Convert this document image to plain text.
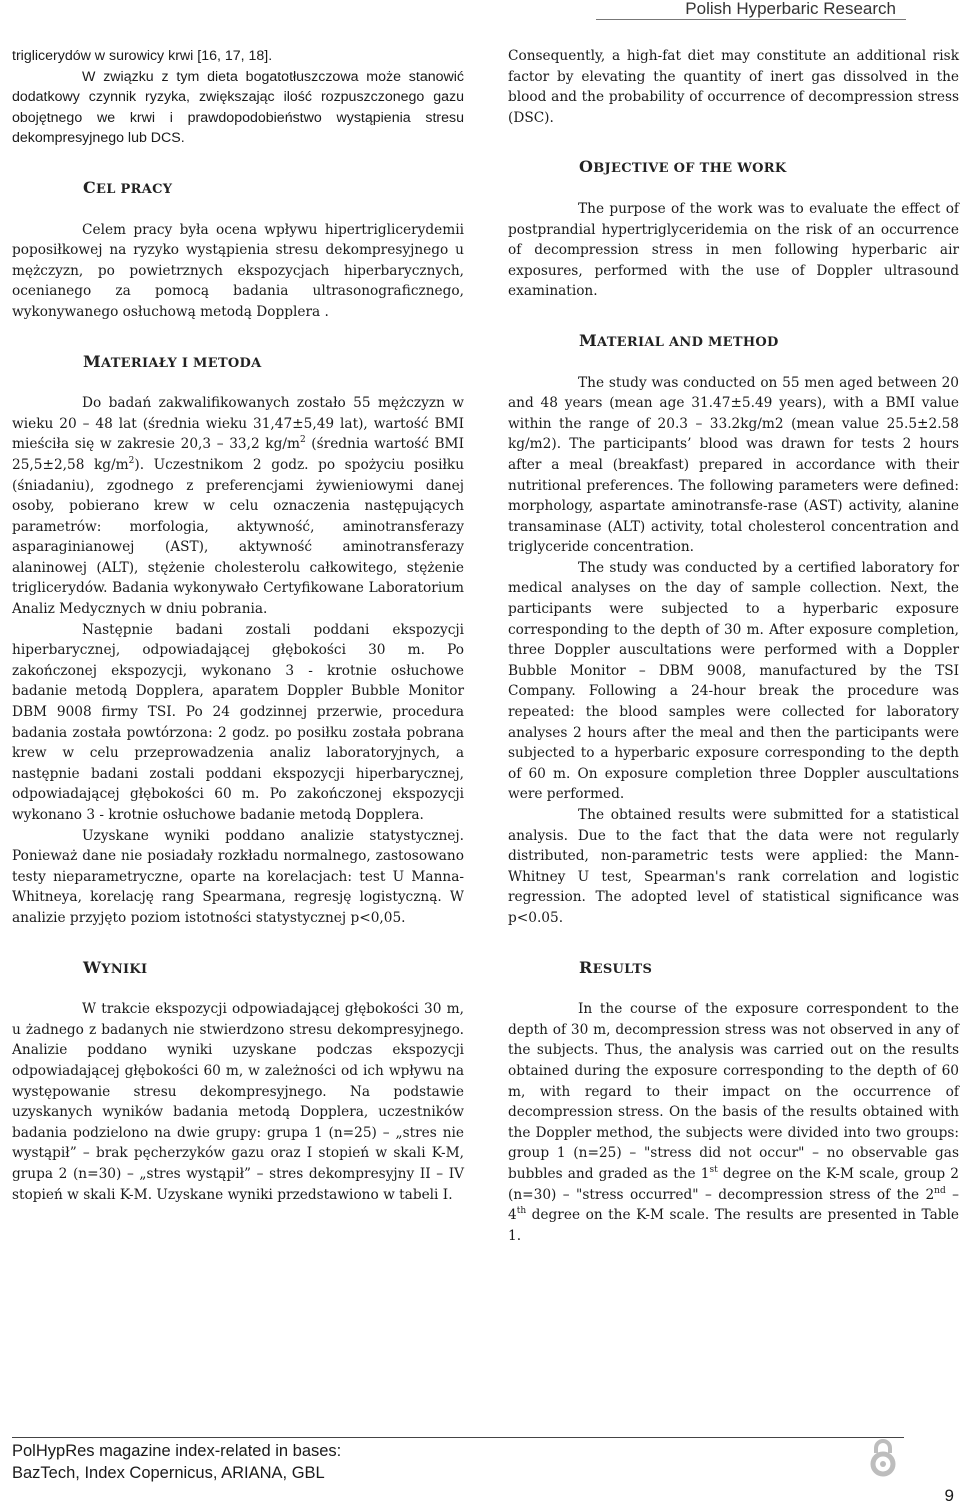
Polish Hyperbaric Research

triglicerydów w surowicy krwi [16, 17, 18].

W związku z tym dieta bogatotłuszczowa może stanowić dodatkowy czynnik ryzyka, zwiększając ilość rozpuszczonego gazu obojętnego we krwi i prawdopodobieństwo wystąpienia stresu dekompresyjnego lub DCS.

CEL PRACY

Celem pracy była ocena wpływu hipertriglicerydemii poposiłkowej na ryzyko wystąpienia stresu dekompresyjnego u mężczyzn, po powietrznych ekspozycjach hiperbarycznych, ocenianego za pomocą badania ultrasonograficznego, wykonywanego osłuchową metodą Dopplera .

MATERIAŁY I METODA

Do badań zakwalifikowanych zostało 55 mężczyzn w wieku 20 – 48 lat (średnia wieku 31,47±5,49 lat), wartość BMI mieściła się w zakresie 20,3 – 33,2 $kg/m^2$ (średnia wartość BMI 25,5±2,58 $kg/m^2$). Uczestnikom 2 godz. po spożyciu posiłku (śniadaniu), zgodnego z preferencjami żywieniowymi danej osoby, pobierano krew w celu oznaczenia następujących parametrów: morfologia, aktywność, aminotransferazy asparaginianowej (AST), aktywność aminotransferazy alaninowej (ALT), stężenie cholesterolu całkowitego, stężenie triglicerydów. Badania wykonywało Certyfikowane Laboratorium Analiz Medycznych w dniu pobrania.

Następnie badani zostali poddani ekspozycji hiperbarycznej, odpowiadającej głębokości 30 m. Po zakończonej ekspozycji, wykonano 3 - krotnie osłuchowe badanie metodą Dopplera, aparatem Doppler Bubble Monitor DBM 9008 firmy TSI. Po 24 godzinnej przerwie, procedura badania została powtórzona: 2 godz. po posiłku została pobrana krew w celu przeprowadzenia analiz laboratoryjnych, a następnie badani zostali poddani ekspozycji hiperbarycznej, odpowiadającej głębokości 60 m. Po zakończonej ekspozycji wykonano 3 - krotnie osłuchowe badanie metodą Dopplera.

Uzyskane wyniki poddano analizie statystycznej. Ponieważ dane nie posiadały rozkładu normalnego, zastosowano testy nieparametryczne, oparte na korelacjach: test U Manna-Whitneya, korelację rang Spearmana, regresję logistyczną. W analizie przyjęto poziom istotności statystycznej p<0,05.

WYNIKI

W trakcie ekspozycji odpowiadającej głębokości 30 m, u żadnego z badanych nie stwierdzono stresu dekompresyjnego. Analizie poddano wyniki uzyskane podczas ekspozycji odpowiadającej głębokości 60 m, w zależności od ich wpływu na występowanie stresu dekompresyjnego. Na podstawie uzyskanych wyników badania metodą Dopplera, uczestników badania podzielono na dwie grupy: grupa 1 (n=25) – „stres nie wystąpił” – brak pęcherzyków gazu oraz I stopień w skali K-M, grupa 2 (n=30) – „stres wystąpił” – stres dekompresyjny II – IV stopień w skali K-M. Uzyskane wyniki przedstawiono w tabeli I.

Consequently, a high-fat diet may constitute an additional risk factor by elevating the quantity of inert gas dissolved in the blood and the probability of occurrence of decompression stress (DSC).

OBJECTIVE OF THE WORK

The purpose of the work was to evaluate the effect of postprandial hypertriglyceridemia on the risk of an occurrence of decompression stress in men following hyperbaric air exposures, performed with the use of Doppler ultrasound examination.

MATERIAL AND METHOD

The study was conducted on 55 men aged between 20 and 48 years (mean age 31.47±5.49 years), with a BMI value within the range of 20.3 – 33.2kg/m2 (mean value 25.5±2.58 kg/m2). The participants’ blood was drawn for tests 2 hours after a meal (breakfast) prepared in accordance with their nutritional preferences. The following parameters were defined: morphology, aspartate aminotransfe-rase (AST) activity, alanine transaminase (ALT) activity, total cholesterol concentration and triglyceride concentration.

The study was conducted by a certified laboratory for medical analyses on the day of sample collection. Next, the participants were subjected to a hyperbaric exposure corresponding to the depth of 30 m. After exposure completion, three Doppler auscultations were performed with a Doppler Bubble Monitor – DBM 9008, manufactured by the TSI Company. Following a 24-hour break the procedure was repeated: the blood samples were collected for laboratory analyses 2 hours after the meal and then the participants were subjected to a hyperbaric exposure corresponding to the depth of 60 m. On exposure completion three Doppler auscultations were performed.

The obtained results were submitted for a statistical analysis. Due to the fact that the data were not regularly distributed, non-parametric tests were applied: the Mann-Whitney U test, Spearman's rank correlation and logistic regression. The adopted level of statistical significance was p<0.05.

RESULTS

In the course of the exposure correspondent to the depth of 30 m, decompression stress was not observed in any of the subjects. Thus, the analysis was carried out on the results obtained during the exposure corresponding to the depth of 60 m, with regard to their impact on the occurrence of decompression stress. On the basis of the results obtained with the Doppler method, the subjects were divided into two groups: group 1 (n=25) – "stress did not occur" – no observable gas bubbles and graded as the 1st degree on the K-M scale, group 2 (n=30) – "stress occurred" – decompression stress of the 2nd – 4th degree on the K-M scale. The results are presented in Table 1.

PolHypRes magazine index-related in bases:
BazTech, Index Copernicus, ARIANA, GBL
9
